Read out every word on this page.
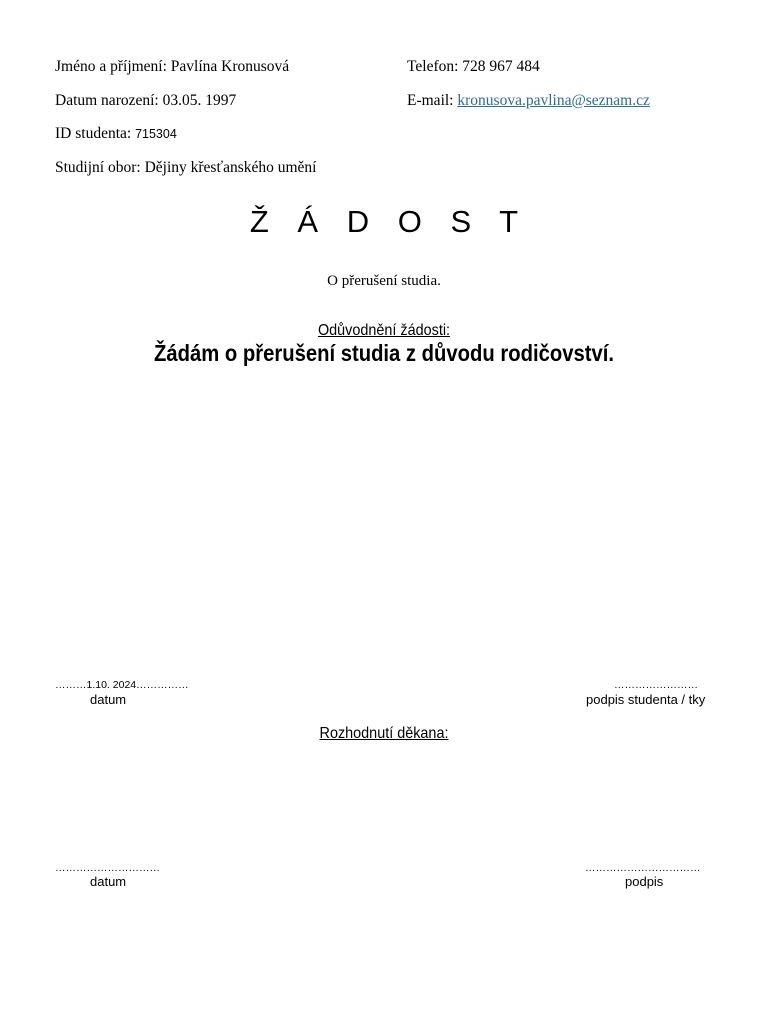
Jméno a příjmení: Pavlína Kronusová	Telefon: 728 967 484
Datum narození: 03.05. 1997	E-mail: kronusova.pavlina@seznam.cz
ID studenta: 715304
Studijní obor: Dějiny křesťanského umění
Ž Á D O S T
O přerušení studia.
Odůvodnění žádosti:
Žádám o přerušení studia z důvodu rodičovství.
………1.10. 2024……………
datum
……………………
podpis studenta / tky
Rozhodnutí děkana:
…………………………
datum
……………………………
podpis
